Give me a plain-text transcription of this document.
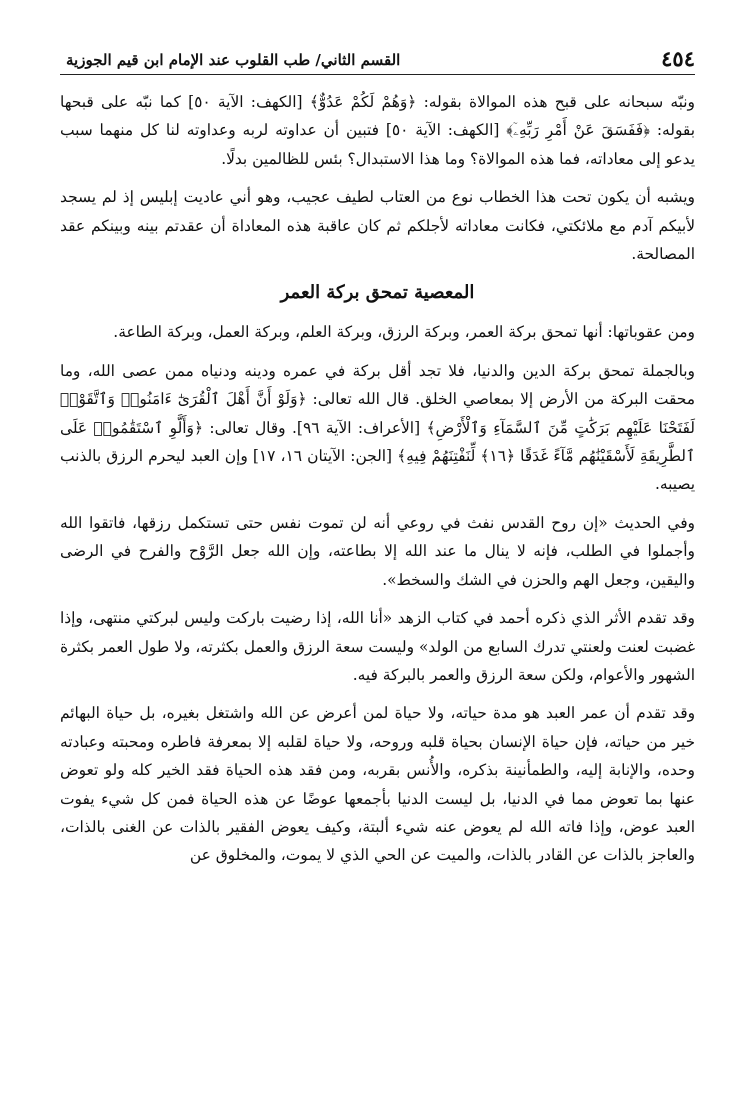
٤٥٤
القسم الثاني/ طب القلوب عند الإمام ابن قيم الجوزية

ونبّه سبحانه على قبح هذه الموالاة بقوله: ﴿وَهُمْ لَكُمْ عَدُوٌّ﴾ [الكهف: الآية ٥٠] كما نبّه على قبحها بقوله: ﴿فَفَسَقَ عَنْ أَمْرِ رَبِّهِۦٓ﴾ [الكهف: الآية ٥٠] فتبين أن عداوته لربه وعداوته لنا كل منهما سبب يدعو إلى معاداته، فما هذه الموالاة؟ وما هذا الاستبدال؟ بئس للظالمين بدلًا.

ويشبه أن يكون تحت هذا الخطاب نوع من العتاب لطيف عجيب، وهو أني عاديت إبليس إذ لم يسجد لأبيكم آدم مع ملائكتي، فكانت معاداته لأجلكم ثم كان عاقبة هذه المعاداة أن عقدتم بينه وبينكم عقد المصالحة.

المعصية تمحق بركة العمر

ومن عقوباتها: أنها تمحق بركة العمر، وبركة الرزق، وبركة العلم، وبركة العمل، وبركة الطاعة.

وبالجملة تمحق بركة الدين والدنيا، فلا تجد أقل بركة في عمره ودينه ودنياه ممن عصى الله، وما محقت البركة من الأرض إلا بمعاصي الخلق. قال الله تعالى: ﴿وَلَوْ أَنَّ أَهْلَ ٱلْقُرَىٰٓ ءَامَنُوا۟ وَٱتَّقَوْا۟ لَفَتَحْنَا عَلَيْهِم بَرَكَٰتٍ مِّنَ ٱلسَّمَآءِ وَٱلْأَرْضِ﴾ [الأعراف: الآية ٩٦]. وقال تعالى: ﴿وَأَلَّوِ ٱسْتَقَٰمُوا۟ عَلَى ٱلطَّرِيقَةِ لَأَسْقَيْنَٰهُم مَّآءً غَدَقًا ﴿١٦﴾ لِّنَفْتِنَهُمْ فِيهِ﴾ [الجن: الآيتان ١٦، ١٧] وإن العبد ليحرم الرزق بالذنب يصيبه.

وفي الحديث «إن روح القدس نفث في روعي أنه لن تموت نفس حتى تستكمل رزقها، فاتقوا الله وأجملوا في الطلب، فإنه لا ينال ما عند الله إلا بطاعته، وإن الله جعل الرَّوْح والفرح في الرضى واليقين، وجعل الهم والحزن في الشك والسخط».

وقد تقدم الأثر الذي ذكره أحمد في كتاب الزهد «أنا الله، إذا رضيت باركت وليس لبركتي منتهى، وإذا غضبت لعنت ولعنتي تدرك السابع من الولد» وليست سعة الرزق والعمل بكثرته، ولا طول العمر بكثرة الشهور والأعوام، ولكن سعة الرزق والعمر بالبركة فيه.

وقد تقدم أن عمر العبد هو مدة حياته، ولا حياة لمن أعرض عن الله واشتغل بغيره، بل حياة البهائم خير من حياته، فإن حياة الإنسان بحياة قلبه وروحه، ولا حياة لقلبه إلا بمعرفة فاطره ومحبته وعبادته وحده، والإنابة إليه، والطمأنينة بذكره، والأُنس بقربه، ومن فقد هذه الحياة فقد الخير كله ولو تعوض عنها بما تعوض مما في الدنيا، بل ليست الدنيا بأجمعها عوضًا عن هذه الحياة فمن كل شيء يفوت العبد عوض، وإذا فاته الله لم يعوض عنه شيء ألبتة، وكيف يعوض الفقير بالذات عن الغنى بالذات، والعاجز بالذات عن القادر بالذات، والميت عن الحي الذي لا يموت، والمخلوق عن
